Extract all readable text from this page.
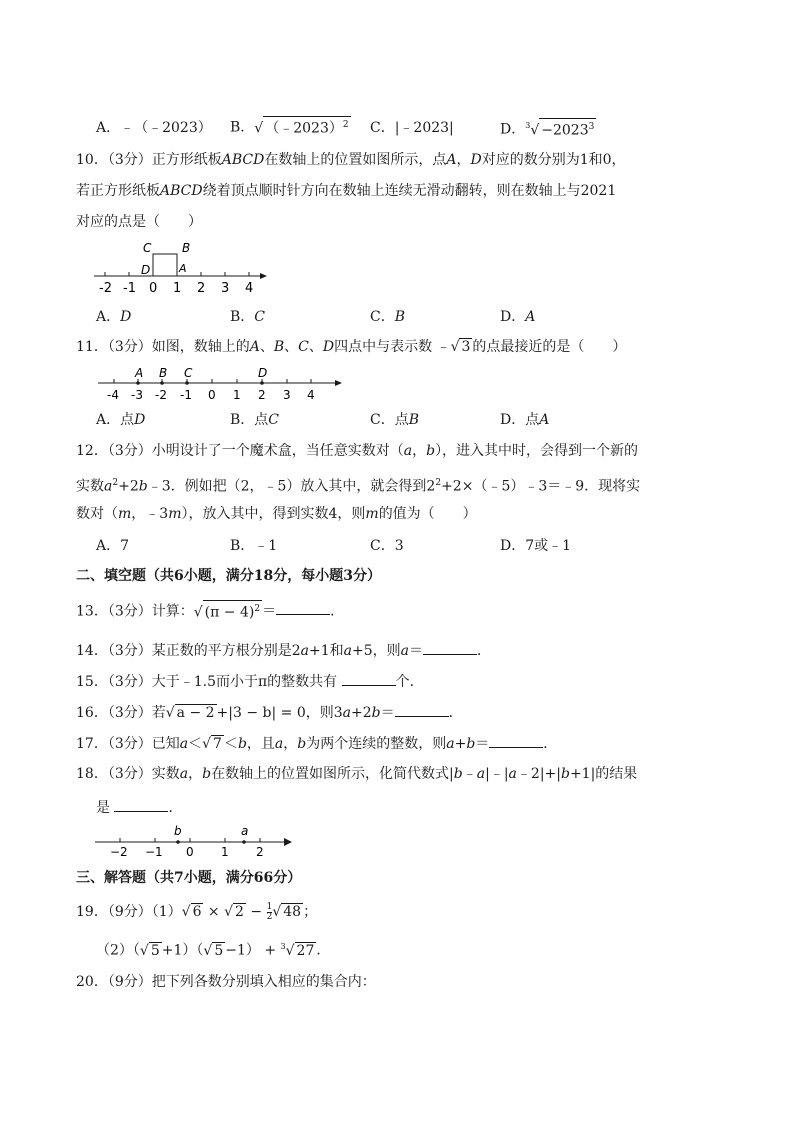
A．﹣（﹣2023） B．√ （﹣2023）$^2$ C．|﹣2023|	D．$^3√ -2023^3$
10．（3分）正方形纸板ABCD在数轴上的位置如图所示，点A，D对应的数分别为1和0，
若正方形纸板ABCD绕着顶点顺时针方向在数轴上连续无滑动翻转，则在数轴上与2021
对应的点是（　　）
C	B
D	A
-2 -1 0 1 2 3 4
A．D	B．C	C．B	D．A
11．（3分）如图，数轴上的A、B、C、D四点中与表示数 ﹣√ 3 的点最接近的是（　　）
A B C	D
-4 -3 -2 -1 0 1 2 3 4
A．点D	B．点C	C．点B	D．点A
12．（3分）小明设计了一个魔术盒，当任意实数对（a，b），进入其中时，会得到一个新的
实数$a^2+2b﹣3$．例如把（2，﹣5）放入其中，就会得到$2^2+2\times(﹣5)﹣3=﹣9$．现将实
数对（m，﹣3m），放入其中，得到实数4，则m的值为（　　）
A．7	B．﹣1	C．3	D．7或﹣1
二、填空题（共6小题，满分18分，每小题3分）
13．（3分）计算：√ $(\pi - 4)^2$ ＝	．
14．（3分）某正数的平方根分别是2a+1和a+5，则a＝	．
15．（3分）大于﹣1.5而小于π的整数共有	个．
16．（3分）若√ a − 2 +|3 − b| = 0，则3a+2b＝	．
17．（3分）已知a＜√ 7 ＜b，且a，b为两个连续的整数，则a+b＝	．
18．（3分）实数a，b在数轴上的位置如图所示，化简代数式|b﹣a|﹣|a﹣2|+|b+1|的结果
是	．
b	a
−2 −1 0 1 2
三、解答题（共7小题，满分66分）
19．（9分）（1）√ 6 × √ $2 - \frac{1}{2}$ √ 48 ；
（2）（√ 5 +1）（√ 5 −1） + $^3$√ 27 ．
20．（9分）把下列各数分别填入相应的集合内：
